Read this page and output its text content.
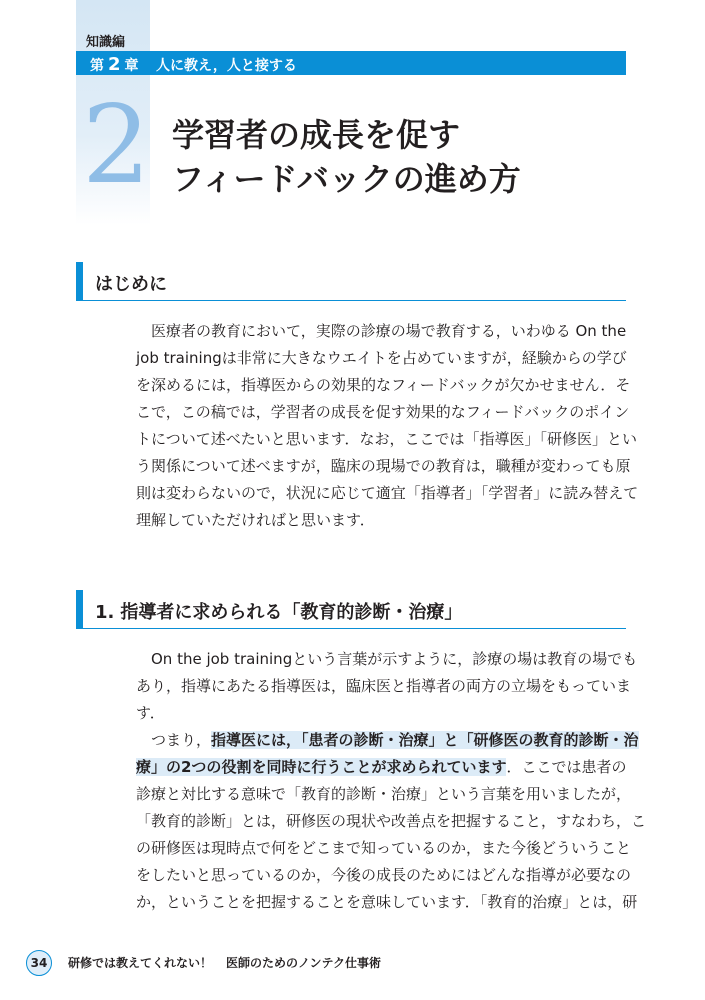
知識編

第 2 章 人に教え，人と接する
2 学習者の成長を促す
フィードバックの進め方
はじめに

医療者の教育において，実際の診療の場で教育する，いわゆる On the
job trainingは非常に大きなウエイトを占めていますが，経験からの学び
を深めるには，指導医からの効果的なフィードバックが欠かせません．そ
こで，この稿では，学習者の成長を促す効果的なフィードバックのポイン
トについて述べたいと思います．なお，ここでは「指導医」「研修医」とい
う関係について述べますが，臨床の現場での教育は，職種が変わっても原
則は変わらないので，状況に応じて適宜「指導者」「学習者」に読み替えて
理解していただければと思います．

1. 指導者に求められる「教育的診断・治療」

On the job trainingという言葉が示すように，診療の場は教育の場でも
あり，指導にあたる指導医は，臨床医と指導者の両方の立場をもっていま
す．

つまり，指導医には，「患者の診断・治療」と「研修医の教育的診断・治
療」の2つの役割を同時に行うことが求められています．ここでは患者の
診療と対比する意味で「教育的診断・治療」という言葉を用いましたが，
「教育的診断」とは，研修医の現状や改善点を把握すること，すなわち，こ
の研修医は現時点で何をどこまで知っているのか，また今後どういうこと
をしたいと思っているのか，今後の成長のためにはどんな指導が必要なの
か，ということを把握することを意味しています．「教育的治療」とは，研

34	研修では教えてくれない！ 医師のためのノンテク仕事術
